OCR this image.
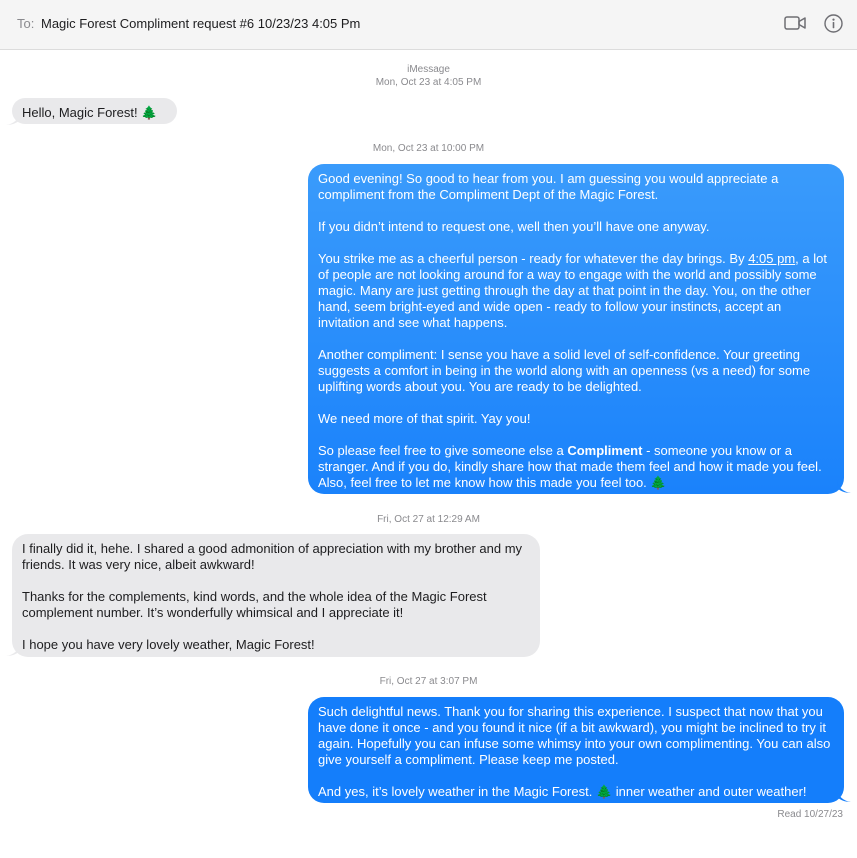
To: Magic Forest Compliment request #6 10/23/23 4:05 Pm
iMessage
Mon, Oct 23 at 4:05 PM

Hello, Magic Forest! 🌲

Mon, Oct 23 at 10:00 PM

Good evening! So good to hear from you. I am guessing you would appreciate a compliment from the Compliment Dept of the Magic Forest.

If you didn’t intend to request one, well then you’ll have one anyway.

You strike me as a cheerful person - ready for whatever the day brings. By 4:05 pm, a lot of people are not looking around for a way to engage with the world and possibly some magic. Many are just getting through the day at that point in the day. You, on the other hand, seem bright-eyed and wide open - ready to follow your instincts, accept an invitation and see what happens.

Another compliment: I sense you have a solid level of self-confidence. Your greeting suggests a comfort in being in the world along with an openness (vs a need) for some uplifting words about you. You are ready to be delighted.

We need more of that spirit. Yay you!

So please feel free to give someone else a Compliment - someone you know or a stranger. And if you do, kindly share how that made them feel and how it made you feel. Also, feel free to let me know how this made you feel too. 🌲

Fri, Oct 27 at 12:29 AM

I finally did it, hehe. I shared a good admonition of appreciation with my brother and my friends. It was very nice, albeit awkward!

Thanks for the complements, kind words, and the whole idea of the Magic Forest complement number. It’s wonderfully whimsical and I appreciate it!

I hope you have very lovely weather, Magic Forest!

Fri, Oct 27 at 3:07 PM

Such delightful news. Thank you for sharing this experience. I suspect that now that you have done it once - and you found it nice (if a bit awkward), you might be inclined to try it again. Hopefully you can infuse some whimsy into your own complimenting. You can also give yourself a compliment. Please keep me posted.

And yes, it’s lovely weather in the Magic Forest. 🌲 inner weather and outer weather!

Read 10/27/23
